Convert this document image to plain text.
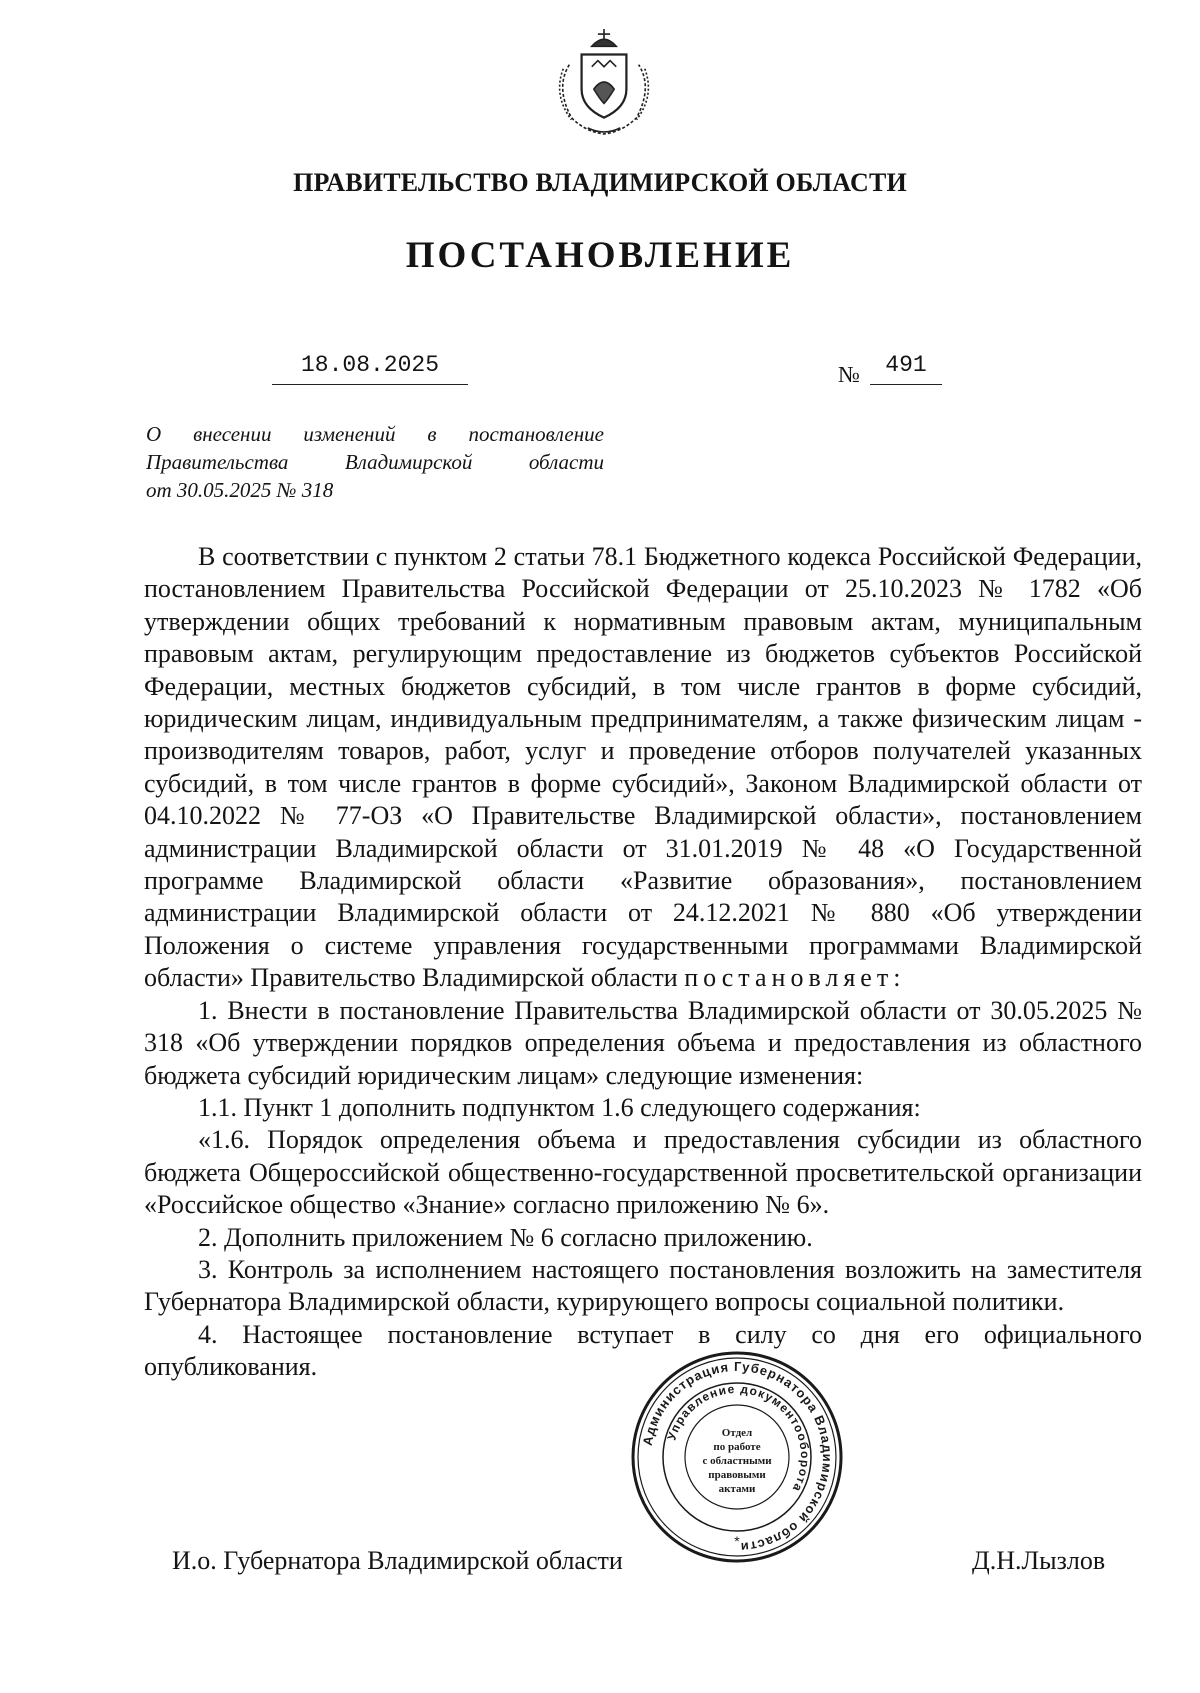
ПРАВИТЕЛЬСТВО ВЛАДИМИРСКОЙ ОБЛАСТИ
ПОСТАНОВЛЕНИЕ
18.08.2025	№	491
О внесении изменений в постановление
Правительства Владимирской области
от 30.05.2025 № 318

В соответствии с пунктом 2 статьи 78.1 Бюджетного кодекса Российской Федерации, постановлением Правительства Российской Федерации от 25.10.2023 № 1782 «Об утверждении общих требований к нормативным правовым актам, муниципальным правовым актам, регулирующим предоставление из бюджетов субъектов Российской Федерации, местных бюджетов субсидий, в том числе грантов в форме субсидий, юридическим лицам, индивидуальным предпринимателям, а также физическим лицам - производителям товаров, работ, услуг и проведение отборов получателей указанных субсидий, в том числе грантов в форме субсидий», Законом Владимирской области от 04.10.2022 № 77-ОЗ «О Правительстве Владимирской области», постановлением администрации Владимирской области от 31.01.2019 № 48 «О Государственной программе Владимирской области «Развитие образования», постановлением администрации Владимирской области от 24.12.2021 № 880 «Об утверждении Положения о системе управления государственными программами Владимирской области» Правительство Владимирской области постановляет:

1. Внести в постановление Правительства Владимирской области от 30.05.2025 № 318 «Об утверждении порядков определения объема и предоставления из областного бюджета субсидий юридическим лицам» следующие изменения:

1.1. Пункт 1 дополнить подпунктом 1.6 следующего содержания:

«1.6. Порядок определения объема и предоставления субсидии из областного бюджета Общероссийской общественно-государственной просветительской организации «Российское общество «Знание» согласно приложению № 6».

2. Дополнить приложением № 6 согласно приложению.

3. Контроль за исполнением настоящего постановления возложить на заместителя Губернатора Владимирской области, курирующего вопросы социальной политики.

4. Настоящее постановление вступает в силу со дня его официального опубликования.

И.о. Губернатора Владимирской области	Д.Н.Лызлов
Администрация Губернатора Владимирской области
Управление документооборота
Отдел
по работе
с областными
правовыми
актами
*
